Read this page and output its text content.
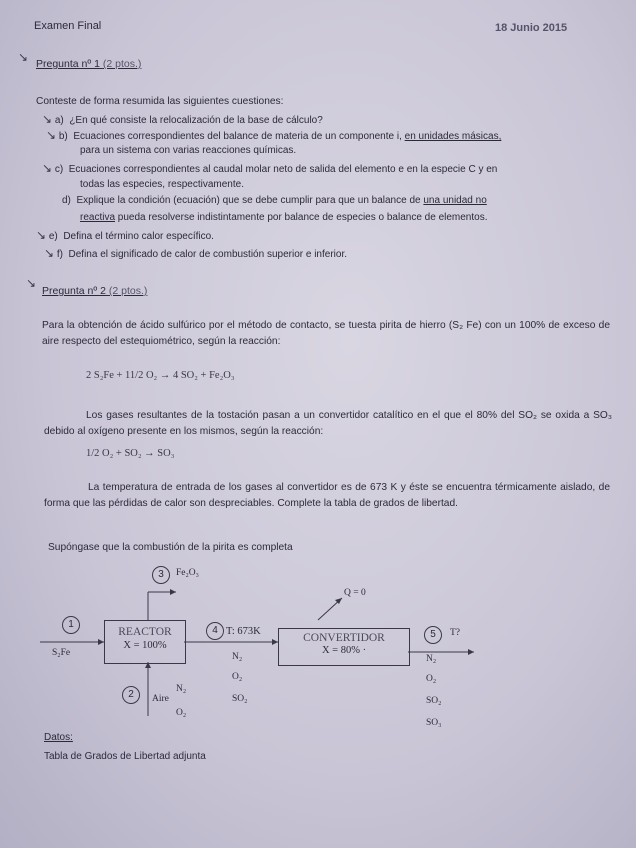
Examen Final	18 Junio 2015
↘ Pregunta nº 1 (2 ptos.)
Conteste de forma resumida las siguientes cuestiones:
↘ a) ¿En qué consiste la relocalización de la base de cálculo?
↘ b) Ecuaciones correspondientes del balance de materia de un componente i, en unidades másicas,
para un sistema con varias reacciones químicas.
↘ c) Ecuaciones correspondientes al caudal molar neto de salida del elemento e en la especie C y en
todas las especies, respectivamente.
d) Explique la condición (ecuación) que se debe cumplir para que un balance de una unidad no
reactiva pueda resolverse indistintamente por balance de especies o balance de elementos.
↘ e) Defina el término calor específico.
↘ f) Defina el significado de calor de combustión superior e inferior.
↘
Pregunta nº 2 (2 ptos.)
Para la obtención de ácido sulfúrico por el método de contacto, se tuesta pirita de hierro (S₂ Fe) con un 100% de exceso de aire respecto del estequiométrico, según la reacción:
2 S₂Fe + 11/2 O₂ → 4 SO₂ + Fe₂O₃
Los gases resultantes de la tostación pasan a un convertidor catalítico en el que el 80% del SO₂ se oxida a SO₃ debido al oxígeno presente en los mismos, según la reacción:
1/2 O₂ + SO₂ → SO₃
La temperatura de entrada de los gases al convertidor es de 673 K y éste se encuentra térmicamente aislado, de forma que las pérdidas de calor son despreciables. Complete la tabla de grados de libertad.
Supóngase que la combustión de la pirita es completa
REACTOR
X = 100%
CONVERTIDOR
X = 80% ·
1
S₂Fe
2	Aire
N₂
O₂
3	Fe₂O₃
4 T: 673K
N₂
O₂
SO₂
5	T?
N₂
O₂
SO₂
SO₃
Q = 0
Datos:
Tabla de Grados de Libertad adjunta
